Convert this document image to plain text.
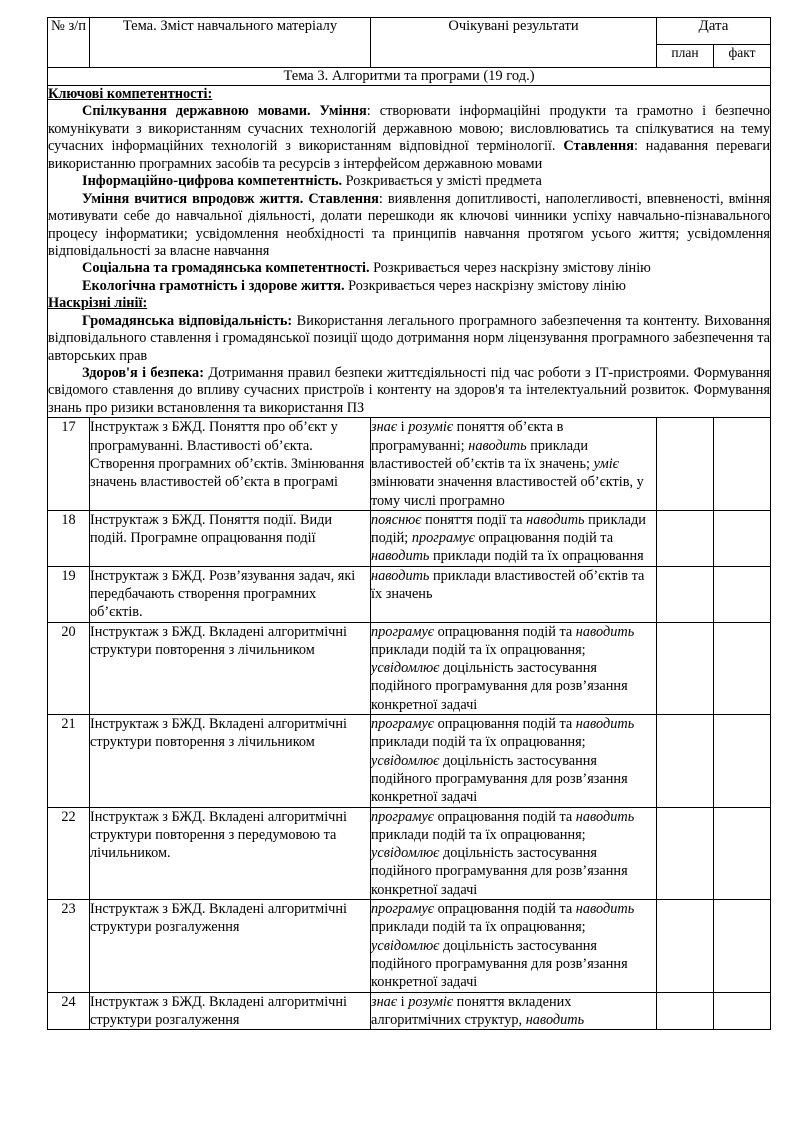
№ з/п	Тема. Зміст навчального матеріалу	Очікувані результати	Дата	
			план	факт
Тема 3. Алгоритми та програми (19 год.)				

Ключові компетентності:

Спілкування державною мовами. Уміння: створювати інформаційні продукти та грамотно і безпечно комунікувати з використанням сучасних технологій державною мовою; висловлюватись та спілкуватися на тему сучасних інформаційних технологій з використанням відповідної термінології. Ставлення: надавання переваги використанню програмних засобів та ресурсів з інтерфейсом державною мовами

Інформаційно-цифрова компетентність. Розкривається у змісті предмета

Уміння вчитися впродовж життя. Ставлення: виявлення допитливості, наполегливості, впевненості, вміння мотивувати себе до навчальної діяльності, долати перешкоди як ключові чинники успіху навчально-пізнавального процесу інформатики; усвідомлення необхідності та принципів навчання протягом усього життя; усвідомлення відповідальності за власне навчання

Соціальна та громадянська компетентності. Розкривається через наскрізну змістову лінію

Екологічна грамотність і здорове життя. Розкривається через наскрізну змістову лінію

Наскрізні лінії:

Громадянська відповідальність: Використання легального програмного забезпечення та контенту. Виховання відповідального ставлення і громадянської позиції щодо дотримання норм ліцензування програмного забезпечення та авторських прав

Здоров'я і безпека: Дотримання правил безпеки життєдіяльності під час роботи з ІТ-пристроями. Формування свідомого ставлення до впливу сучасних пристроїв і контенту на здоров'я та інтелектуальний розвиток. Формування знань про ризики встановлення та використання ПЗ

17	Інструктаж з БЖД. Поняття про об’єкт у програмуванні. Властивості об’єкта. Створення програмних об’єктів. Змінювання значень властивостей об’єкта в програмі	знає і розуміє поняття об’єкта в програмуванні; наводить приклади властивостей об’єктів та їх значень; уміє змінювати значення властивостей об’єктів, у тому числі програмно		
18	Інструктаж з БЖД. Поняття події. Види подій. Програмне опрацювання події	пояснює поняття події та наводить приклади подій; програмує опрацювання подій та наводить приклади подій та їх опрацювання		
19	Інструктаж з БЖД. Розв’язування задач, які передбачають створення програмних об’єктів.	наводить приклади властивостей об’єктів та їх значень		
20	Інструктаж з БЖД. Вкладені алгоритмічні структури повторення з лічильником	програмує опрацювання подій та наводить приклади подій та їх опрацювання; усвідомлює доцільність застосування подійного програмування для розв’язання конкретної задачі		
21	Інструктаж з БЖД. Вкладені алгоритмічні структури повторення з лічильником	програмує опрацювання подій та наводить приклади подій та їх опрацювання; усвідомлює доцільність застосування подійного програмування для розв’язання конкретної задачі		
22	Інструктаж з БЖД. Вкладені алгоритмічні структури повторення з передумовою та лічильником.	програмує опрацювання подій та наводить приклади подій та їх опрацювання; усвідомлює доцільність застосування подійного програмування для розв’язання конкретної задачі		
23	Інструктаж з БЖД. Вкладені алгоритмічні структури розгалуження	програмує опрацювання подій та наводить приклади подій та їх опрацювання; усвідомлює доцільність застосування подійного програмування для розв’язання конкретної задачі		
24	Інструктаж з БЖД. Вкладені алгоритмічні структури розгалуження	знає і розуміє поняття вкладених алгоритмічних структур, наводить		
